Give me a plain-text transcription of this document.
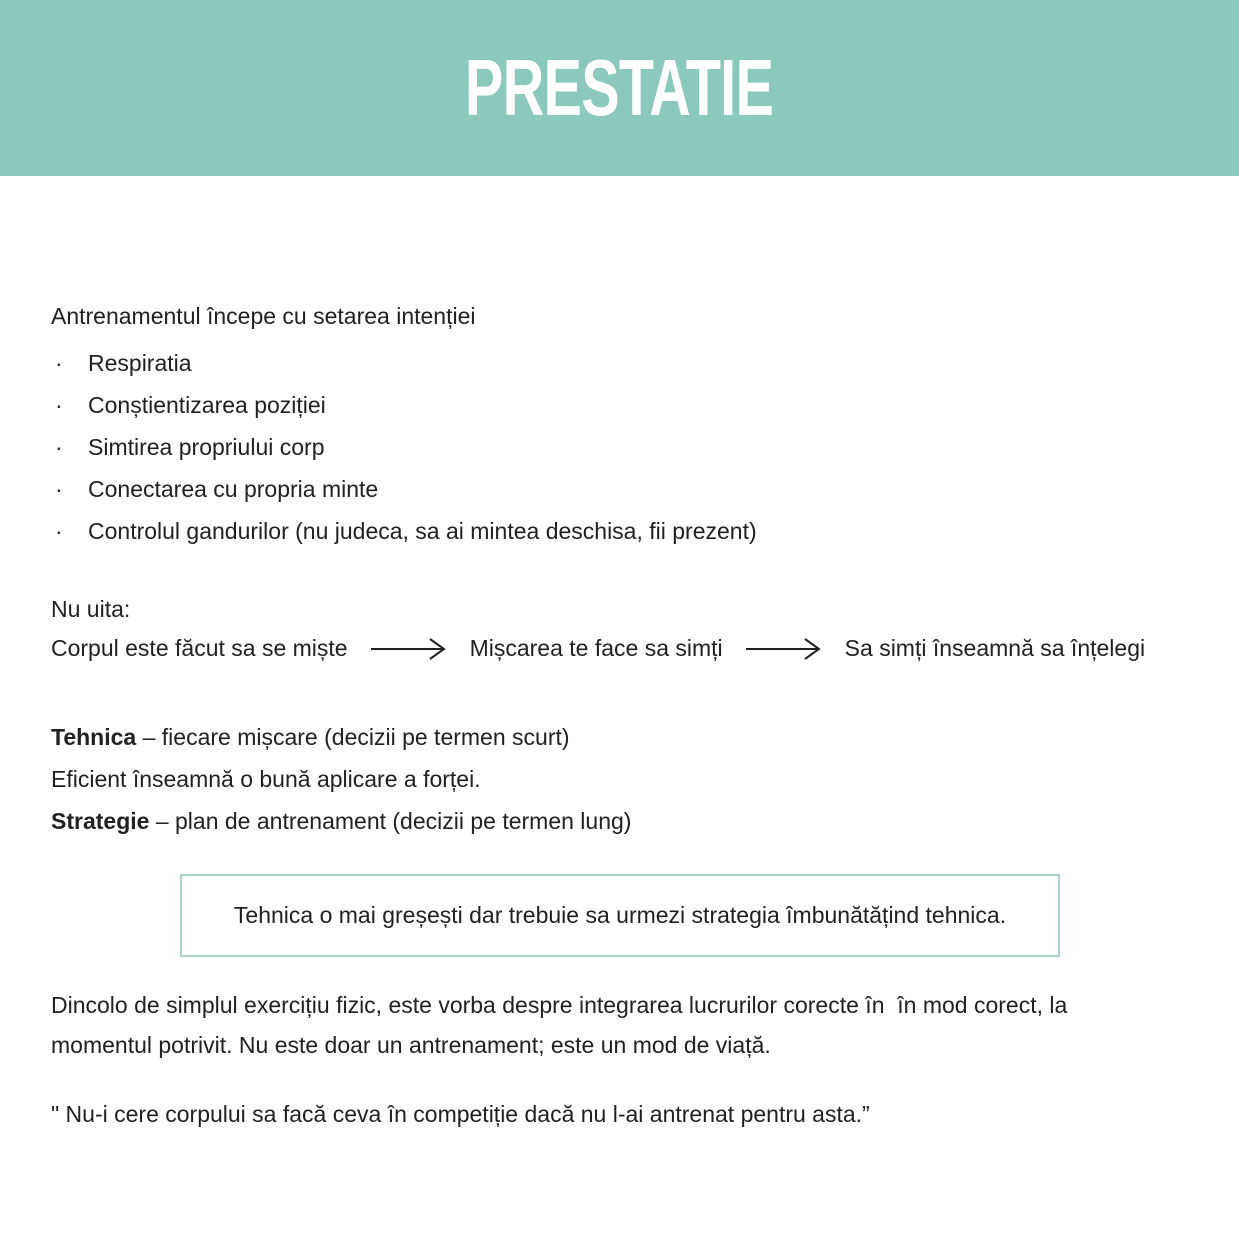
PRESTATIE

Antrenamentul începe cu setarea intenției

·	Respiratia
·	Conștientizarea poziției
·	Simtirea propriului corp
·	Conectarea cu propria minte
·	Controlul gandurilor (nu judeca, sa ai mintea deschisa, fii prezent)

Nu uita:

Corpul este făcut sa se miște	Mișcarea te face sa simți	Sa simți înseamnă sa înțelegi

Tehnica – fiecare mișcare (decizii pe termen scurt)

Eficient înseamnă o bună aplicare a forței.

Strategie – plan de antrenament (decizii pe termen lung)

Tehnica o mai greșești dar trebuie sa urmezi strategia îmbunătățind tehnica.

Dincolo de simplul exercițiu fizic, este vorba despre integrarea lucrurilor corecte în  în mod corect, la
momentul potrivit. Nu este doar un antrenament; este un mod de viață.

" Nu-i cere corpului sa facă ceva în competiție dacă nu l-ai antrenat pentru asta.”
